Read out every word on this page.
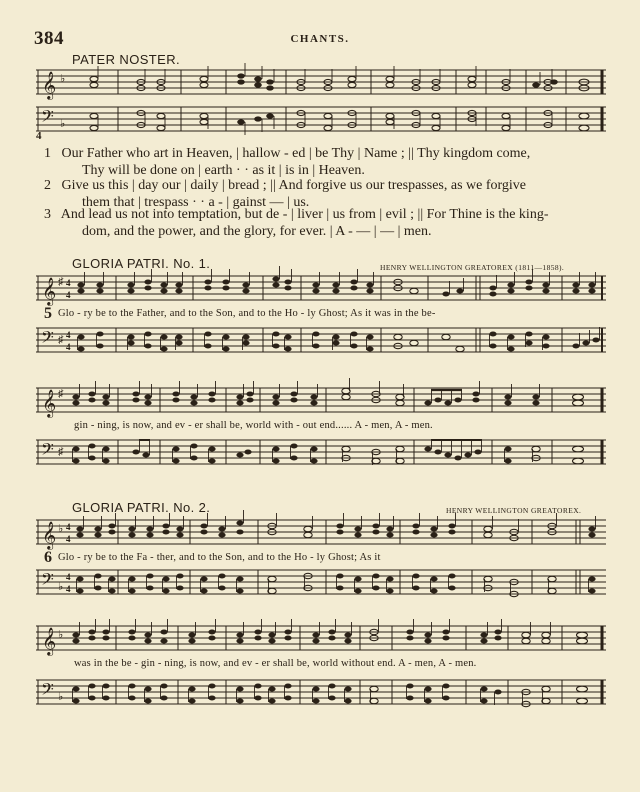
384	CHANTS.
PATER NOSTER.
𝄞 ♭
𝄢 ♭
4
1 Our Father who art in Heaven, | hallow - ed | be Thy | Name ; || Thy kingdom come,
Thy will be done on | earth · · as it | is in | Heaven.
2 Give us this | day our | daily | bread ; || And forgive us our trespasses, as we forgive
them that | trespass · · a - | gainst — | us.
3 And lead us not into temptation, but de - | liver | us from | evil ; || For Thine is the king-
dom, and the power, and the glory, for ever. | A - — | — | men.
GLORIA PATRI. No. 1.	HENRY WELLINGTON GREATOREX (1811—1858).
𝄞 ♯ 4
4
5 Glo - ry be to the Father, and to the Son, and to the Ho - ly Ghost; As it was in the be-
𝄢 ♯ 4
4
𝄞 ♯
gin - ning, is now, and ev - er shall be, world with - out end...... A - men, A - men.
𝄢 ♯
GLORIA PATRI. No. 2.	HENRY WELLINGTON GREATOREX.
𝄞 ♭ 4
4
6 Glo - ry be to the Fa - ther, and to the Son, and to the Ho - ly Ghost; As it
𝄢 ♭
4
4
𝄞 ♭
was in the be - gin - ning, is now, and ev - er shall be, world without end. A - men, A - men.
𝄢 ♭
